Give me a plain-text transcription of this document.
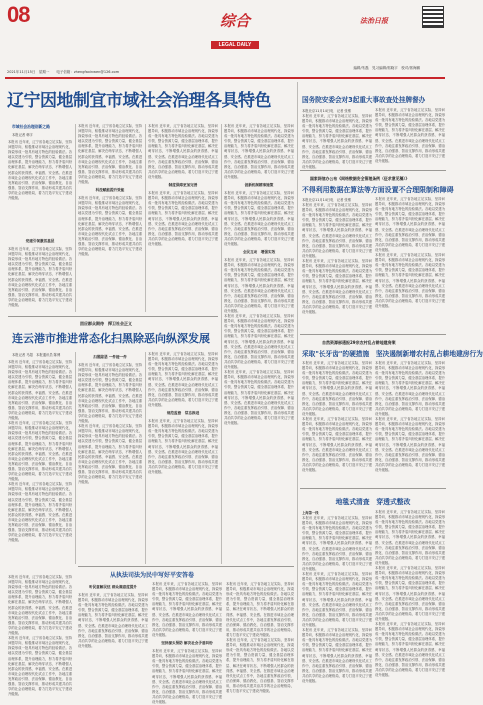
08
2021年11月15日　星期一　　电子信箱：zhengfaxinwen@126.com
综合
LEGAL DAILY
法治日报
编辑/朱磊　见习编辑/郭晓宇　校对/郭海鹏
辽宁因地制宜市域社会治理各具特色
市域社会治理创新之路
本报记者 韩宇
本报讯 近年来，辽宁省各地立足实际，坚持问题导向，积极推动市域社会治理现代化，探索形成一批具有地方特色的经验做法。各地以党建为引领，整合资源力量，健全基层治理体系，提升治理能力，努力将矛盾纠纷化解在基层、解决在萌芽状态，不断增强人民群众的获得感、幸福感、安全感。在推进市域社会治理现代化试点工作中，各地注重发挥政治引领、法治保障、德治教化、自治强基、智治支撑作用，推动形成共建共治共享的社会治理格局，着力打造平安辽宁建设升级版。
党建引领激活基层
本报讯 近年来，辽宁省各地立足实际，坚持问题导向，积极推动市域社会治理现代化，探索形成一批具有地方特色的经验做法。各地以党建为引领，整合资源力量，健全基层治理体系，提升治理能力，努力将矛盾纠纷化解在基层、解决在萌芽状态，不断增强人民群众的获得感、幸福感、安全感。在推进市域社会治理现代化试点工作中，各地注重发挥政治引领、法治保障、德治教化、自治强基、智治支撑作用，推动形成共建共治共享的社会治理格局，着力打造平安辽宁建设升级版。
本报讯 近年来，辽宁省各地立足实际，坚持问题导向，积极推动市域社会治理现代化，探索形成一批具有地方特色的经验做法。各地以党建为引领，整合资源力量，健全基层治理体系，提升治理能力，努力将矛盾纠纷化解在基层、解决在萌芽状态，不断增强人民群众的获得感、幸福感、安全感。在推进市域社会治理现代化试点工作中，各地注重发挥政治引领、法治保障、德治教化、自治强基、智治支撑作用，推动形成共建共治共享的社会治理格局，着力打造平安辽宁建设升级版。
科技赋能提升效能
本报讯 近年来，辽宁省各地立足实际，坚持问题导向，积极推动市域社会治理现代化，探索形成一批具有地方特色的经验做法。各地以党建为引领，整合资源力量，健全基层治理体系，提升治理能力，努力将矛盾纠纷化解在基层、解决在萌芽状态，不断增强人民群众的获得感、幸福感、安全感。在推进市域社会治理现代化试点工作中，各地注重发挥政治引领、法治保障、德治教化、自治强基、智治支撑作用，推动形成共建共治共享的社会治理格局，着力打造平安辽宁建设升级版。
本报讯 近年来，辽宁省各地立足实际，坚持问题导向，积极推动市域社会治理现代化，探索形成一批具有地方特色的经验做法。各地以党建为引领，整合资源力量，健全基层治理体系，提升治理能力，努力将矛盾纠纷化解在基层、解决在萌芽状态，不断增强人民群众的获得感、幸福感、安全感。在推进市域社会治理现代化试点工作中，各地注重发挥政治引领、法治保障、德治教化、自治强基、智治支撑作用，推动形成共建共治共享的社会治理格局，着力打造平安辽宁建设升级版。
制度保障更加完善
本报讯 近年来，辽宁省各地立足实际，坚持问题导向，积极推动市域社会治理现代化，探索形成一批具有地方特色的经验做法。各地以党建为引领，整合资源力量，健全基层治理体系，提升治理能力，努力将矛盾纠纷化解在基层、解决在萌芽状态，不断增强人民群众的获得感、幸福感、安全感。在推进市域社会治理现代化试点工作中，各地注重发挥政治引领、法治保障、德治教化、自治强基、智治支撑作用，推动形成共建共治共享的社会治理格局，着力打造平安辽宁建设升级版。
本报讯 近年来，辽宁省各地立足实际，坚持问题导向，积极推动市域社会治理现代化，探索形成一批具有地方特色的经验做法。各地以党建为引领，整合资源力量，健全基层治理体系，提升治理能力，努力将矛盾纠纷化解在基层、解决在萌芽状态，不断增强人民群众的获得感、幸福感、安全感。在推进市域社会治理现代化试点工作中，各地注重发挥政治引领、法治保障、德治教化、自治强基、智治支撑作用，推动形成共建共治共享的社会治理格局，着力打造平安辽宁建设升级版。
创新机制精准施策
本报讯 近年来，辽宁省各地立足实际，坚持问题导向，积极推动市域社会治理现代化，探索形成一批具有地方特色的经验做法。各地以党建为引领，整合资源力量，健全基层治理体系，提升治理能力，努力将矛盾纠纷化解在基层、解决在萌芽状态，不断增强人民群众的获得感、幸福感、安全感。在推进市域社会治理现代化试点工作中，各地注重发挥政治引领、法治保障、德治教化、自治强基、智治支撑作用，推动形成共建共治共享的社会治理格局，着力打造平安辽宁建设升级版。
全民互动　增强实效
本报讯 近年来，辽宁省各地立足实际，坚持问题导向，积极推动市域社会治理现代化，探索形成一批具有地方特色的经验做法。各地以党建为引领，整合资源力量，健全基层治理体系，提升治理能力，努力将矛盾纠纷化解在基层、解决在萌芽状态，不断增强人民群众的获得感、幸福感、安全感。在推进市域社会治理现代化试点工作中，各地注重发挥政治引领、法治保障、德治教化、自治强基、智治支撑作用，推动形成共建共治共享的社会治理格局，着力打造平安辽宁建设升级版。
本报讯 近年来，辽宁省各地立足实际，坚持问题导向，积极推动市域社会治理现代化，探索形成一批具有地方特色的经验做法。各地以党建为引领，整合资源力量，健全基层治理体系，提升治理能力，努力将矛盾纠纷化解在基层、解决在萌芽状态，不断增强人民群众的获得感、幸福感、安全感。在推进市域社会治理现代化试点工作中，各地注重发挥政治引领、法治保障、德治教化、自治强基、智治支撑作用，推动形成共建共治共享的社会治理格局，着力打造平安辽宁建设升级版。
本报讯 近年来，辽宁省各地立足实际，坚持问题导向，积极推动市域社会治理现代化，探索形成一批具有地方特色的经验做法。各地以党建为引领，整合资源力量，健全基层治理体系，提升治理能力，努力将矛盾纠纷化解在基层、解决在萌芽状态，不断增强人民群众的获得感、幸福感、安全感。在推进市域社会治理现代化试点工作中，各地注重发挥政治引领、法治保障、德治教化、自治强基、智治支撑作用，推动形成共建共治共享的社会治理格局，着力打造平安辽宁建设升级版。
回应群众期待　捍卫社会正义
连云港市推进常态化扫黑除恶向纵深发展
本报记者 马超　本报通讯员 陈博
本报讯 近年来，辽宁省各地立足实际，坚持问题导向，积极推动市域社会治理现代化，探索形成一批具有地方特色的经验做法。各地以党建为引领，整合资源力量，健全基层治理体系，提升治理能力，努力将矛盾纠纷化解在基层、解决在萌芽状态，不断增强人民群众的获得感、幸福感、安全感。在推进市域社会治理现代化试点工作中，各地注重发挥政治引领、法治保障、德治教化、自治强基、智治支撑作用，推动形成共建共治共享的社会治理格局，着力打造平安辽宁建设升级版。
本报讯 近年来，辽宁省各地立足实际，坚持问题导向，积极推动市域社会治理现代化，探索形成一批具有地方特色的经验做法。各地以党建为引领，整合资源力量，健全基层治理体系，提升治理能力，努力将矛盾纠纷化解在基层、解决在萌芽状态，不断增强人民群众的获得感、幸福感、安全感。在推进市域社会治理现代化试点工作中，各地注重发挥政治引领、法治保障、德治教化、自治强基、智治支撑作用，推动形成共建共治共享的社会治理格局，着力打造平安辽宁建设升级版。
本报讯 近年来，辽宁省各地立足实际，坚持问题导向，积极推动市域社会治理现代化，探索形成一批具有地方特色的经验做法。各地以党建为引领，整合资源力量，健全基层治理体系，提升治理能力，努力将矛盾纠纷化解在基层、解决在萌芽状态，不断增强人民群众的获得感、幸福感、安全感。在推进市域社会治理现代化试点工作中，各地注重发挥政治引领、法治保障、德治教化、自治强基、智治支撑作用，推动形成共建共治共享的社会治理格局，着力打造平安辽宁建设升级版。
扫黑除恶 一件接一件
本报讯 近年来，辽宁省各地立足实际，坚持问题导向，积极推动市域社会治理现代化，探索形成一批具有地方特色的经验做法。各地以党建为引领，整合资源力量，健全基层治理体系，提升治理能力，努力将矛盾纠纷化解在基层、解决在萌芽状态，不断增强人民群众的获得感、幸福感、安全感。在推进市域社会治理现代化试点工作中，各地注重发挥政治引领、法治保障、德治教化、自治强基、智治支撑作用，推动形成共建共治共享的社会治理格局，着力打造平安辽宁建设升级版。
本报讯 近年来，辽宁省各地立足实际，坚持问题导向，积极推动市域社会治理现代化，探索形成一批具有地方特色的经验做法。各地以党建为引领，整合资源力量，健全基层治理体系，提升治理能力，努力将矛盾纠纷化解在基层、解决在萌芽状态，不断增强人民群众的获得感、幸福感、安全感。在推进市域社会治理现代化试点工作中，各地注重发挥政治引领、法治保障、德治教化、自治强基、智治支撑作用，推动形成共建共治共享的社会治理格局，着力打造平安辽宁建设升级版。
本报讯 近年来，辽宁省各地立足实际，坚持问题导向，积极推动市域社会治理现代化，探索形成一批具有地方特色的经验做法。各地以党建为引领，整合资源力量，健全基层治理体系，提升治理能力，努力将矛盾纠纷化解在基层、解决在萌芽状态，不断增强人民群众的获得感、幸福感、安全感。在推进市域社会治理现代化试点工作中，各地注重发挥政治引领、法治保障、德治教化、自治强基、智治支撑作用，推动形成共建共治共享的社会治理格局，着力打造平安辽宁建设升级版。
规范监督　常态推进
本报讯 近年来，辽宁省各地立足实际，坚持问题导向，积极推动市域社会治理现代化，探索形成一批具有地方特色的经验做法。各地以党建为引领，整合资源力量，健全基层治理体系，提升治理能力，努力将矛盾纠纷化解在基层、解决在萌芽状态，不断增强人民群众的获得感、幸福感、安全感。在推进市域社会治理现代化试点工作中，各地注重发挥政治引领、法治保障、德治教化、自治强基、智治支撑作用，推动形成共建共治共享的社会治理格局，着力打造平安辽宁建设升级版。
从执法司法为民中写好平安答卷
本报讯 近年来，辽宁省各地立足实际，坚持问题导向，积极推动市域社会治理现代化，探索形成一批具有地方特色的经验做法。各地以党建为引领，整合资源力量，健全基层治理体系，提升治理能力，努力将矛盾纠纷化解在基层、解决在萌芽状态，不断增强人民群众的获得感、幸福感、安全感。在推进市域社会治理现代化试点工作中，各地注重发挥政治引领、法治保障、德治教化、自治强基、智治支撑作用，推动形成共建共治共享的社会治理格局，着力打造平安辽宁建设升级版。
本报讯 近年来，辽宁省各地立足实际，坚持问题导向，积极推动市域社会治理现代化，探索形成一批具有地方特色的经验做法。各地以党建为引领，整合资源力量，健全基层治理体系，提升治理能力，努力将矛盾纠纷化解在基层、解决在萌芽状态，不断增强人民群众的获得感、幸福感、安全感。在推进市域社会治理现代化试点工作中，各地注重发挥政治引领、法治保障、德治教化、自治强基、智治支撑作用，推动形成共建共治共享的社会治理格局，着力打造平安辽宁建设升级版。
听民意解民忧 群众满意度提升
本报讯 近年来，辽宁省各地立足实际，坚持问题导向，积极推动市域社会治理现代化，探索形成一批具有地方特色的经验做法。各地以党建为引领，整合资源力量，健全基层治理体系，提升治理能力，努力将矛盾纠纷化解在基层、解决在萌芽状态，不断增强人民群众的获得感、幸福感、安全感。在推进市域社会治理现代化试点工作中，各地注重发挥政治引领、法治保障、德治教化、自治强基、智治支撑作用，推动形成共建共治共享的社会治理格局，着力打造平安辽宁建设升级版。
本报讯 近年来，辽宁省各地立足实际，坚持问题导向，积极推动市域社会治理现代化，探索形成一批具有地方特色的经验做法。各地以党建为引领，整合资源力量，健全基层治理体系，提升治理能力，努力将矛盾纠纷化解在基层、解决在萌芽状态，不断增强人民群众的获得感、幸福感、安全感。在推进市域社会治理现代化试点工作中，各地注重发挥政治引领、法治保障、德治教化、自治强基、智治支撑作用，推动形成共建共治共享的社会治理格局，着力打造平安辽宁建设升级版。
坚持源头预防 解决社会矛盾纠纷
本报讯 近年来，辽宁省各地立足实际，坚持问题导向，积极推动市域社会治理现代化，探索形成一批具有地方特色的经验做法。各地以党建为引领，整合资源力量，健全基层治理体系，提升治理能力，努力将矛盾纠纷化解在基层、解决在萌芽状态，不断增强人民群众的获得感、幸福感、安全感。在推进市域社会治理现代化试点工作中，各地注重发挥政治引领、法治保障、德治教化、自治强基、智治支撑作用，推动形成共建共治共享的社会治理格局，着力打造平安辽宁建设升级版。
本报讯 近年来，辽宁省各地立足实际，坚持问题导向，积极推动市域社会治理现代化，探索形成一批具有地方特色的经验做法。各地以党建为引领，整合资源力量，健全基层治理体系，提升治理能力，努力将矛盾纠纷化解在基层、解决在萌芽状态，不断增强人民群众的获得感、幸福感、安全感。在推进市域社会治理现代化试点工作中，各地注重发挥政治引领、法治保障、德治教化、自治强基、智治支撑作用，推动形成共建共治共享的社会治理格局，着力打造平安辽宁建设升级版。
本报讯 近年来，辽宁省各地立足实际，坚持问题导向，积极推动市域社会治理现代化，探索形成一批具有地方特色的经验做法。各地以党建为引领，整合资源力量，健全基层治理体系，提升治理能力，努力将矛盾纠纷化解在基层、解决在萌芽状态，不断增强人民群众的获得感、幸福感、安全感。在推进市域社会治理现代化试点工作中，各地注重发挥政治引领、法治保障、德治教化、自治强基、智治支撑作用，推动形成共建共治共享的社会治理格局，着力打造平安辽宁建设升级版。
国务院安委会对3起重大事故查处挂牌督办
本报北京11月14日电　记者 张维
本报讯 近年来，辽宁省各地立足实际，坚持问题导向，积极推动市域社会治理现代化，探索形成一批具有地方特色的经验做法。各地以党建为引领，整合资源力量，健全基层治理体系，提升治理能力，努力将矛盾纠纷化解在基层、解决在萌芽状态，不断增强人民群众的获得感、幸福感、安全感。在推进市域社会治理现代化试点工作中，各地注重发挥政治引领、法治保障、德治教化、自治强基、智治支撑作用，推动形成共建共治共享的社会治理格局，着力打造平安辽宁建设升级版。
本报讯 近年来，辽宁省各地立足实际，坚持问题导向，积极推动市域社会治理现代化，探索形成一批具有地方特色的经验做法。各地以党建为引领，整合资源力量，健全基层治理体系，提升治理能力，努力将矛盾纠纷化解在基层、解决在萌芽状态，不断增强人民群众的获得感、幸福感、安全感。在推进市域社会治理现代化试点工作中，各地注重发挥政治引领、法治保障、德治教化、自治强基、智治支撑作用，推动形成共建共治共享的社会治理格局，着力打造平安辽宁建设升级版。
国家网信办公布《网络数据安全管理条例（征求意见稿）》
不得利用数据在算法等方面设置不合理限制和障碍
本报北京11月14日电　记者 张维
本报讯 近年来，辽宁省各地立足实际，坚持问题导向，积极推动市域社会治理现代化，探索形成一批具有地方特色的经验做法。各地以党建为引领，整合资源力量，健全基层治理体系，提升治理能力，努力将矛盾纠纷化解在基层、解决在萌芽状态，不断增强人民群众的获得感、幸福感、安全感。在推进市域社会治理现代化试点工作中，各地注重发挥政治引领、法治保障、德治教化、自治强基、智治支撑作用，推动形成共建共治共享的社会治理格局，着力打造平安辽宁建设升级版。
本报讯 近年来，辽宁省各地立足实际，坚持问题导向，积极推动市域社会治理现代化，探索形成一批具有地方特色的经验做法。各地以党建为引领，整合资源力量，健全基层治理体系，提升治理能力，努力将矛盾纠纷化解在基层、解决在萌芽状态，不断增强人民群众的获得感、幸福感、安全感。在推进市域社会治理现代化试点工作中，各地注重发挥政治引领、法治保障、德治教化、自治强基、智治支撑作用，推动形成共建共治共享的社会治理格局，着力打造平安辽宁建设升级版。
本报讯 近年来，辽宁省各地立足实际，坚持问题导向，积极推动市域社会治理现代化，探索形成一批具有地方特色的经验做法。各地以党建为引领，整合资源力量，健全基层治理体系，提升治理能力，努力将矛盾纠纷化解在基层、解决在萌芽状态，不断增强人民群众的获得感、幸福感、安全感。在推进市域社会治理现代化试点工作中，各地注重发挥政治引领、法治保障、德治教化、自治强基、智治支撑作用，推动形成共建共治共享的社会治理格局，着力打造平安辽宁建设升级版。
本报讯 近年来，辽宁省各地立足实际，坚持问题导向，积极推动市域社会治理现代化，探索形成一批具有地方特色的经验做法。各地以党建为引领，整合资源力量，健全基层治理体系，提升治理能力，努力将矛盾纠纷化解在基层、解决在萌芽状态，不断增强人民群众的获得感、幸福感、安全感。在推进市域社会治理现代化试点工作中，各地注重发挥政治引领、法治保障、德治教化、自治强基、智治支撑作用，推动形成共建共治共享的社会治理格局，着力打造平安辽宁建设升级版。
自然资源部通报29宗农村乱占耕地建房案
采取"长牙齿"的硬措施　坚决遏制新增农村乱占耕地建房行为
本报讯 近年来，辽宁省各地立足实际，坚持问题导向，积极推动市域社会治理现代化，探索形成一批具有地方特色的经验做法。各地以党建为引领，整合资源力量，健全基层治理体系，提升治理能力，努力将矛盾纠纷化解在基层、解决在萌芽状态，不断增强人民群众的获得感、幸福感、安全感。在推进市域社会治理现代化试点工作中，各地注重发挥政治引领、法治保障、德治教化、自治强基、智治支撑作用，推动形成共建共治共享的社会治理格局，着力打造平安辽宁建设升级版。
本报讯 近年来，辽宁省各地立足实际，坚持问题导向，积极推动市域社会治理现代化，探索形成一批具有地方特色的经验做法。各地以党建为引领，整合资源力量，健全基层治理体系，提升治理能力，努力将矛盾纠纷化解在基层、解决在萌芽状态，不断增强人民群众的获得感、幸福感、安全感。在推进市域社会治理现代化试点工作中，各地注重发挥政治引领、法治保障、德治教化、自治强基、智治支撑作用，推动形成共建共治共享的社会治理格局，着力打造平安辽宁建设升级版。
本报讯 近年来，辽宁省各地立足实际，坚持问题导向，积极推动市域社会治理现代化，探索形成一批具有地方特色的经验做法。各地以党建为引领，整合资源力量，健全基层治理体系，提升治理能力，努力将矛盾纠纷化解在基层、解决在萌芽状态，不断增强人民群众的获得感、幸福感、安全感。在推进市域社会治理现代化试点工作中，各地注重发挥政治引领、法治保障、德治教化、自治强基、智治支撑作用，推动形成共建共治共享的社会治理格局，着力打造平安辽宁建设升级版。
本报讯 近年来，辽宁省各地立足实际，坚持问题导向，积极推动市域社会治理现代化，探索形成一批具有地方特色的经验做法。各地以党建为引领，整合资源力量，健全基层治理体系，提升治理能力，努力将矛盾纠纷化解在基层、解决在萌芽状态，不断增强人民群众的获得感、幸福感、安全感。在推进市域社会治理现代化试点工作中，各地注重发挥政治引领、法治保障、德治教化、自治强基、智治支撑作用，推动形成共建共治共享的社会治理格局，着力打造平安辽宁建设升级版。
地毯式清查　穿透式整改
上海第一线
本报讯 近年来，辽宁省各地立足实际，坚持问题导向，积极推动市域社会治理现代化，探索形成一批具有地方特色的经验做法。各地以党建为引领，整合资源力量，健全基层治理体系，提升治理能力，努力将矛盾纠纷化解在基层、解决在萌芽状态，不断增强人民群众的获得感、幸福感、安全感。在推进市域社会治理现代化试点工作中，各地注重发挥政治引领、法治保障、德治教化、自治强基、智治支撑作用，推动形成共建共治共享的社会治理格局，着力打造平安辽宁建设升级版。
本报讯 近年来，辽宁省各地立足实际，坚持问题导向，积极推动市域社会治理现代化，探索形成一批具有地方特色的经验做法。各地以党建为引领，整合资源力量，健全基层治理体系，提升治理能力，努力将矛盾纠纷化解在基层、解决在萌芽状态，不断增强人民群众的获得感、幸福感、安全感。在推进市域社会治理现代化试点工作中，各地注重发挥政治引领、法治保障、德治教化、自治强基、智治支撑作用，推动形成共建共治共享的社会治理格局，着力打造平安辽宁建设升级版。
本报讯 近年来，辽宁省各地立足实际，坚持问题导向，积极推动市域社会治理现代化，探索形成一批具有地方特色的经验做法。各地以党建为引领，整合资源力量，健全基层治理体系，提升治理能力，努力将矛盾纠纷化解在基层、解决在萌芽状态，不断增强人民群众的获得感、幸福感、安全感。在推进市域社会治理现代化试点工作中，各地注重发挥政治引领、法治保障、德治教化、自治强基、智治支撑作用，推动形成共建共治共享的社会治理格局，着力打造平安辽宁建设升级版。
本报讯 近年来，辽宁省各地立足实际，坚持问题导向，积极推动市域社会治理现代化，探索形成一批具有地方特色的经验做法。各地以党建为引领，整合资源力量，健全基层治理体系，提升治理能力，努力将矛盾纠纷化解在基层、解决在萌芽状态，不断增强人民群众的获得感、幸福感、安全感。在推进市域社会治理现代化试点工作中，各地注重发挥政治引领、法治保障、德治教化、自治强基、智治支撑作用，推动形成共建共治共享的社会治理格局，着力打造平安辽宁建设升级版。
本报讯 近年来，辽宁省各地立足实际，坚持问题导向，积极推动市域社会治理现代化，探索形成一批具有地方特色的经验做法。各地以党建为引领，整合资源力量，健全基层治理体系，提升治理能力，努力将矛盾纠纷化解在基层、解决在萌芽状态，不断增强人民群众的获得感、幸福感、安全感。在推进市域社会治理现代化试点工作中，各地注重发挥政治引领、法治保障、德治教化、自治强基、智治支撑作用，推动形成共建共治共享的社会治理格局，着力打造平安辽宁建设升级版。
本报讯 近年来，辽宁省各地立足实际，坚持问题导向，积极推动市域社会治理现代化，探索形成一批具有地方特色的经验做法。各地以党建为引领，整合资源力量，健全基层治理体系，提升治理能力，努力将矛盾纠纷化解在基层、解决在萌芽状态，不断增强人民群众的获得感、幸福感、安全感。在推进市域社会治理现代化试点工作中，各地注重发挥政治引领、法治保障、德治教化、自治强基、智治支撑作用，推动形成共建共治共享的社会治理格局，着力打造平安辽宁建设升级版。
